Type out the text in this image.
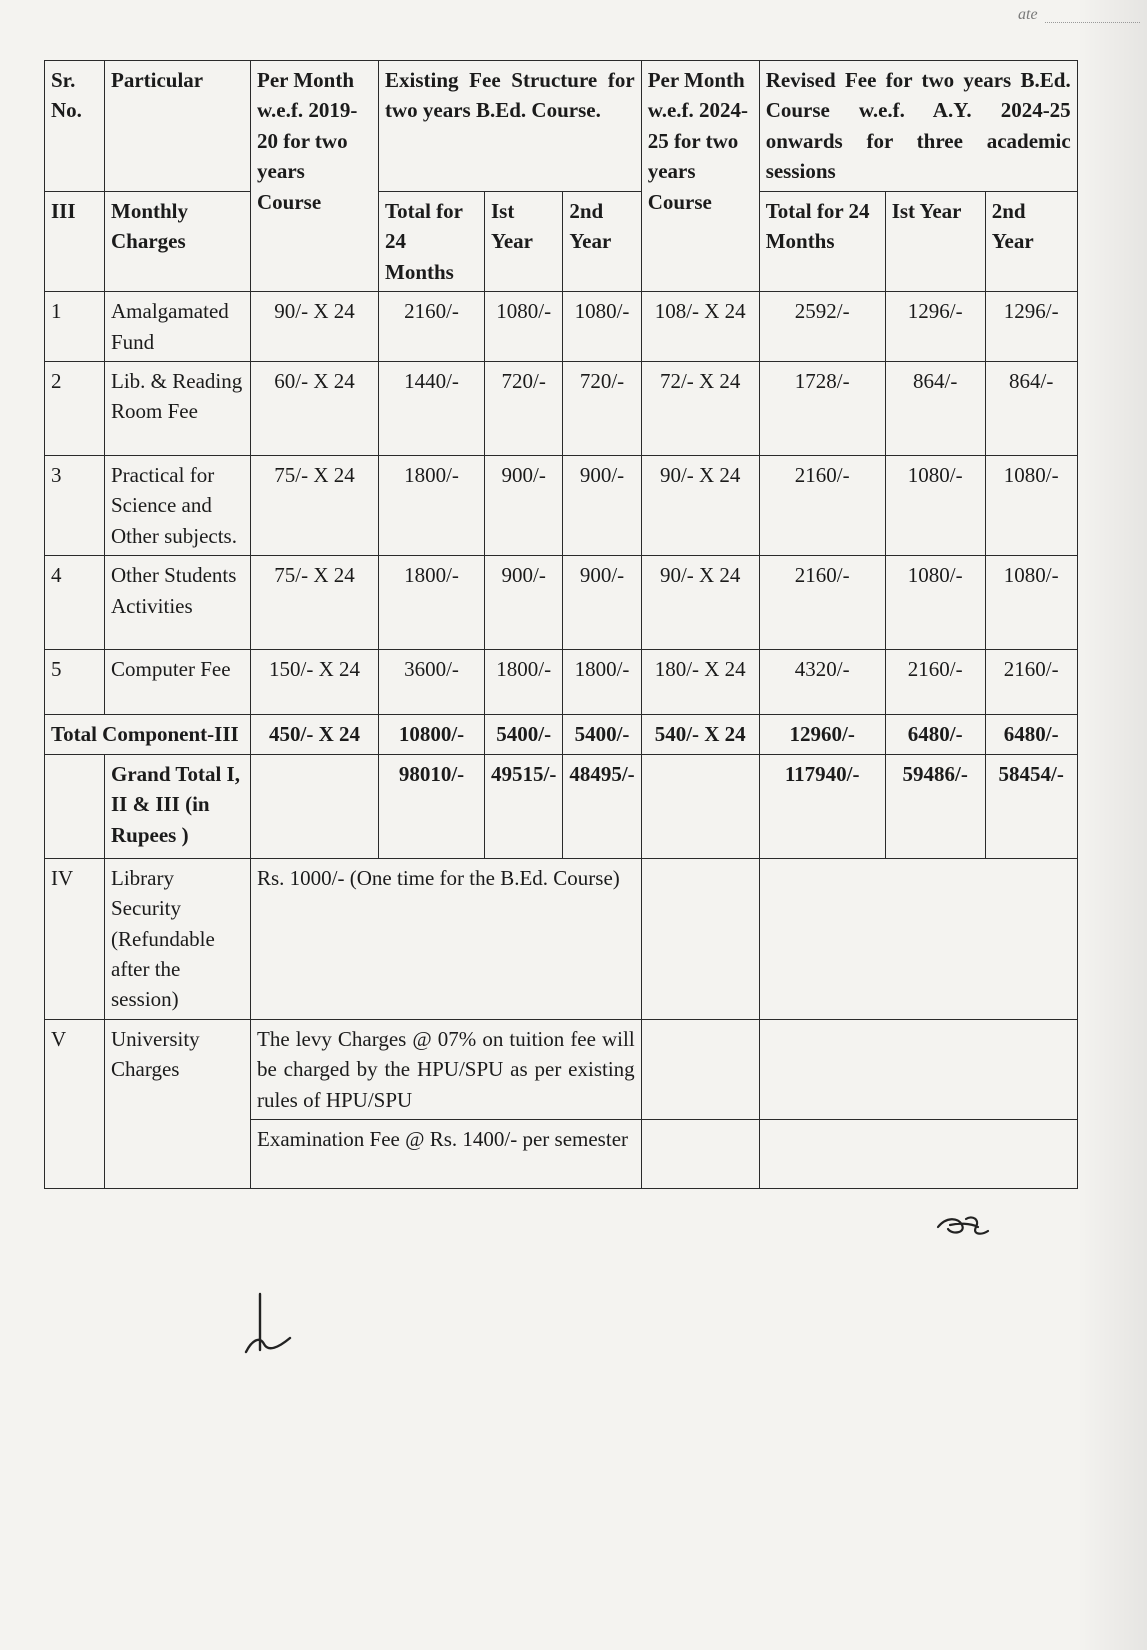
ate
Sr. No.	Particular	Per Month w.e.f. 2019-20 for two years Course	Existing Fee Structure for two years B.Ed. Course.			Per Month w.e.f. 2024-25 for two years Course	Revised Fee for two years B.Ed. Course w.e.f. A.Y. 2024-25 onwards for three academic sessions		
III	Monthly Charges		Total for 24 Months	Ist Year	2nd Year		Total for 24 Months	Ist Year	2nd Year
1	Amalgamated Fund	90/- X 24	2160/-	1080/-	1080/-	108/- X 24	2592/-	1296/-	1296/-
2	Lib. & Reading Room Fee	60/- X 24	1440/-	720/-	720/-	72/- X 24	1728/-	864/-	864/-
3	Practical for Science and Other subjects.	75/- X 24	1800/-	900/-	900/-	90/- X 24	2160/-	1080/-	1080/-
4	Other Students Activities	75/- X 24	1800/-	900/-	900/-	90/- X 24	2160/-	1080/-	1080/-
5	Computer Fee	150/- X 24	3600/-	1800/-	1800/-	180/- X 24	4320/-	2160/-	2160/-
Total Component-III		450/- X 24	10800/-	5400/-	5400/-	540/- X 24	12960/-	6480/-	6480/-
	Grand Total I, II & III (in Rupees )		98010/-	49515/-	48495/-		117940/-	59486/-	58454/-
IV	Library Security (Refundable after the session)	Rs. 1000/- (One time for the B.Ed. Course)							
V	University Charges	The levy Charges @ 07% on tuition fee will be charged by the HPU/SPU as per existing rules of HPU/SPU							
		Examination Fee @ Rs. 1400/- per semester							
